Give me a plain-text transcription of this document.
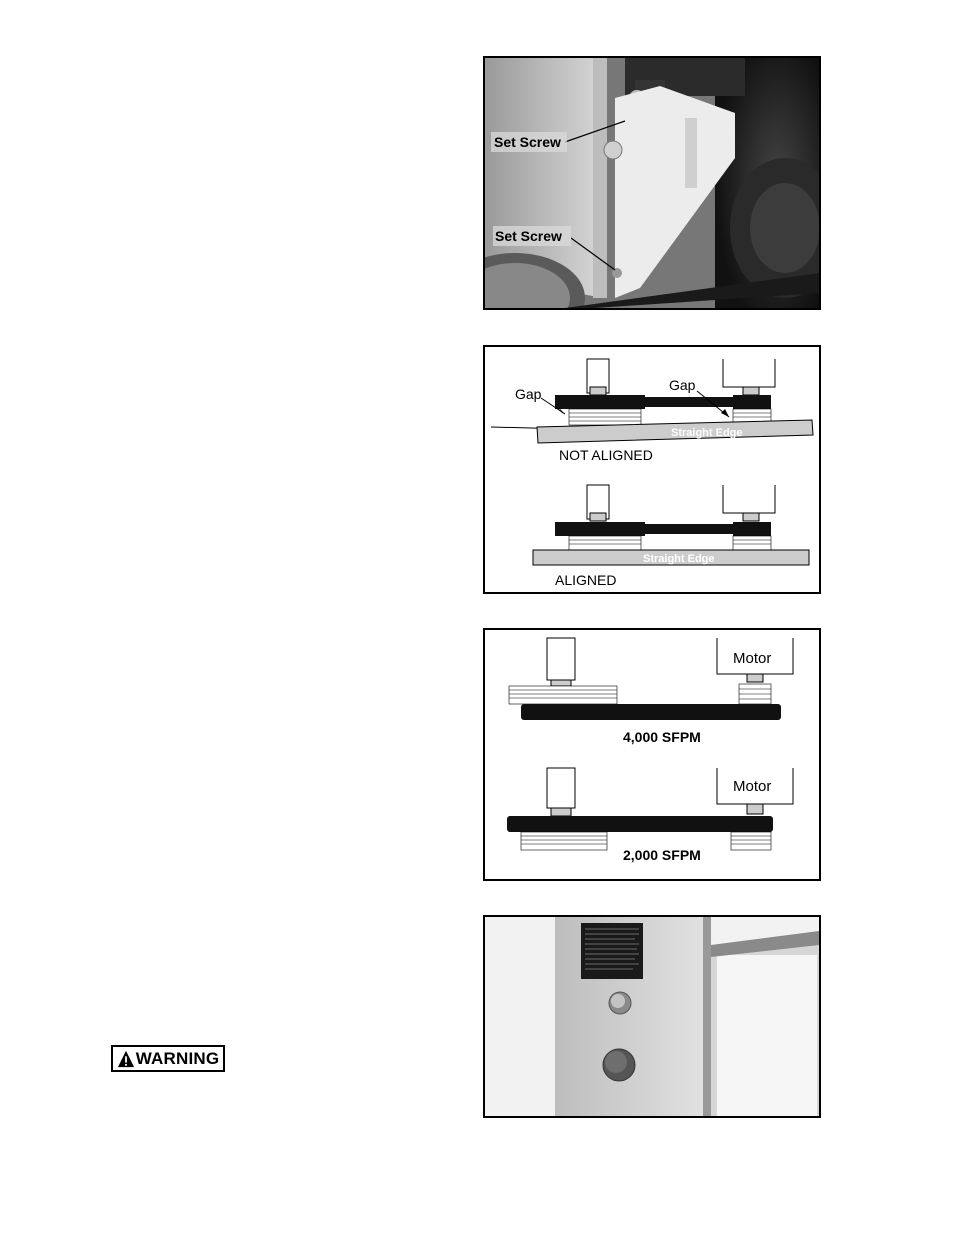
Set Screw
Set Screw
Straight Edge
Gap
Gap
NOT ALIGNED
Straight Edge
ALIGNED
Motor
4,000 SFPM
Motor
2,000 SFPM
WARNING
